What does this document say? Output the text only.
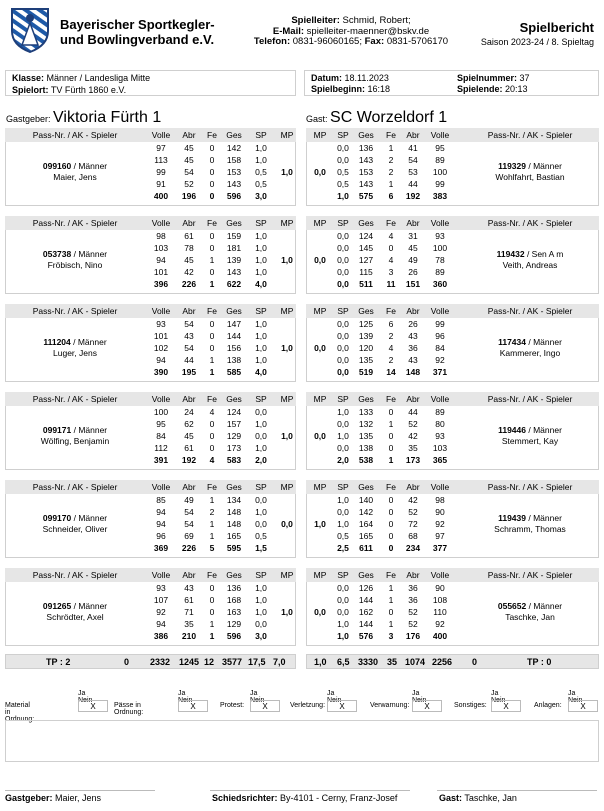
Bayerischer Sportkegler-
und Bowlingverband e.V.
Spielleiter: Schmid, Robert;
E-Mail: spielleiter-maenner@bskv.de
Telefon: 0831-96060165; Fax: 0831-5706170
Spielbericht
Saison 2023-24 / 8. Spieltag
Klasse: Männer / Landesliga Mitte
Spielort: TV Fürth 1860 e.V.
Datum: 18.11.2023
Spielbeginn: 16:18
Spielnummer: 37
Spielende: 20:13
Gastgeber: Viktoria Fürth 1	Gast: SC Worzeldorf 1
Pass-Nr. / AK - Spieler	Volle	Abr	Fe	Ges	SP	MP
099160 / Männer
Maier, Jens
97	45	0	142	1,0
113	45	0	158	1,0
99	54	0	153	0,5
91	52	0	143	0,5
400	196	0	596	3,0
1,0
Pass-Nr. / AK - Spieler
MP	SP	Ges	Fe	Abr	Volle
119329 / Männer
Wohlfahrt, Bastian
0,0	136	1	41	95
0,0	143	2	54	89
0,5	153	2	53	100
0,5	143	1	44	99
1,0	575	6	192	383
0,0
Pass-Nr. / AK - Spieler	Volle	Abr	Fe	Ges	SP	MP
053738 / Männer
Fröbisch, Nino
98	61	0	159	1,0
103	78	0	181	1,0
94	45	1	139	1,0
101	42	0	143	1,0
396	226	1	622	4,0
1,0
Pass-Nr. / AK - Spieler
MP	SP	Ges	Fe	Abr	Volle
119432 / Sen A m
Veith, Andreas
0,0	124	4	31	93
0,0	145	0	45	100
0,0	127	4	49	78
0,0	115	3	26	89
0,0	511	11	151	360
0,0
Pass-Nr. / AK - Spieler	Volle	Abr	Fe	Ges	SP	MP
111204 / Männer
Luger, Jens
93	54	0	147	1,0
101	43	0	144	1,0
102	54	0	156	1,0
94	44	1	138	1,0
390	195	1	585	4,0
1,0
Pass-Nr. / AK - Spieler
MP	SP	Ges	Fe	Abr	Volle
117434 / Männer
Kammerer, Ingo
0,0	125	6	26	99
0,0	139	2	43	96
0,0	120	4	36	84
0,0	135	2	43	92
0,0	519	14	148	371
0,0
Pass-Nr. / AK - Spieler	Volle	Abr	Fe	Ges	SP	MP
099171 / Männer
Wölfing, Benjamin
100	24	4	124	0,0
95	62	0	157	1,0
84	45	0	129	0,0
112	61	0	173	1,0
391	192	4	583	2,0
1,0
Pass-Nr. / AK - Spieler
MP	SP	Ges	Fe	Abr	Volle
119446 / Männer
Stemmert, Kay
1,0	133	0	44	89
0,0	132	1	52	80
1,0	135	0	42	93
0,0	138	0	35	103
2,0	538	1	173	365
0,0
Pass-Nr. / AK - Spieler	Volle	Abr	Fe	Ges	SP	MP
099170 / Männer
Schneider, Oliver
85	49	1	134	0,0
94	54	2	148	1,0
94	54	1	148	0,0
96	69	1	165	0,5
369	226	5	595	1,5
0,0
Pass-Nr. / AK - Spieler
MP	SP	Ges	Fe	Abr	Volle
119439 / Männer
Schramm, Thomas
1,0	140	0	42	98
0,0	142	0	52	90
1,0	164	0	72	92
0,5	165	0	68	97
2,5	611	0	234	377
1,0
Pass-Nr. / AK - Spieler	Volle	Abr	Fe	Ges	SP	MP
091265 / Männer
Schrödter, Axel
93	43	0	136	1,0
107	61	0	168	1,0
92	71	0	163	1,0
94	35	1	129	0,0
386	210	1	596	3,0
1,0
Pass-Nr. / AK - Spieler
MP	SP	Ges	Fe	Abr	Volle
055652 / Männer
Taschke, Jan
0,0	126	1	36	90
0,0	144	1	36	108
0,0	162	0	52	110
1,0	144	1	52	92
1,0	576	3	176	400
0,0
TP : 2	0 2332 1245 12 3577 17,5 7,0	1,0 6,5 3330 35 1074 2256 0	TP : 0
Ja Nein
Material in Ordnung:
X
Ja Nein
Pässe in Ordnung:
X
Ja Nein
Protest:	X
Ja Nein
Verletzung:	X
Ja Nein
Verwarnung:	X
Ja Nein
Sonstiges:	X
Ja Nein
Anlagen:	X
Gastgeber: Maier, Jens	Schiedsrichter: By-4101 - Cerny, Franz-Josef	Gast: Taschke, Jan
